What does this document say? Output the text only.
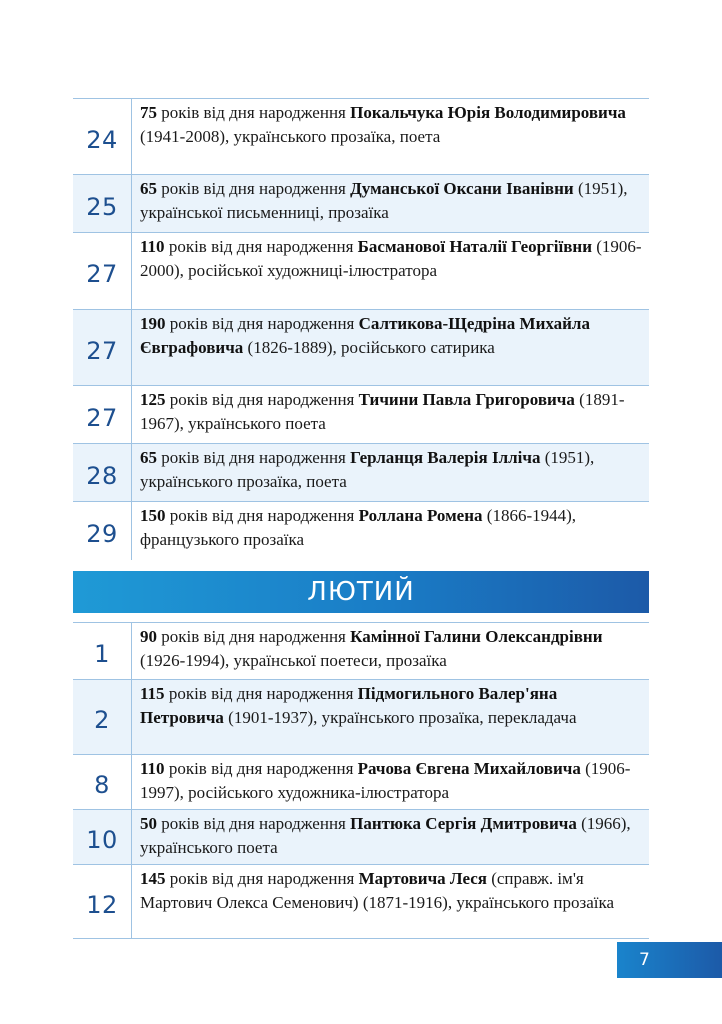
24
75 років від дня народження Покальчука Юрія Володимировича (1941-2008), українського прозаїка, поета
25
65 років від дня народження Думанської Оксани Іванівни (1951), української письменниці, прозаїка
27
110 років від дня народження Басманової Наталії Георгіївни (1906-2000), російської художниці-ілюстратора
27
190 років від дня народження Салтикова-Щедріна Михайла Євграфовича (1826-1889), російського сатирика
27
125 років від дня народження Тичини Павла Григоровича (1891-1967), українського поета
28
65 років від дня народження Герланця Валерія Ілліча (1951), українського прозаїка, поета
29
150 років від дня народження Роллана Ромена (1866-1944), французького прозаїка
ЛЮТИЙ
1
90 років від дня народження Камінної Галини Олександрівни (1926-1994), української поетеси, прозаїка
2
115 років від дня народження Підмогильного Валер'яна Петровича (1901-1937), українського прозаїка, перекладача
8
110 років від дня народження Рачова Євгена Михайловича (1906-1997), російського художника-ілюстратора
10
50 років від дня народження Пантюка Сергія Дмитровича (1966), українського поета
12
145 років від дня народження Мартовича Леся (справж. ім'я Мартович Олекса Семенович) (1871-1916), українського прозаїка
7
